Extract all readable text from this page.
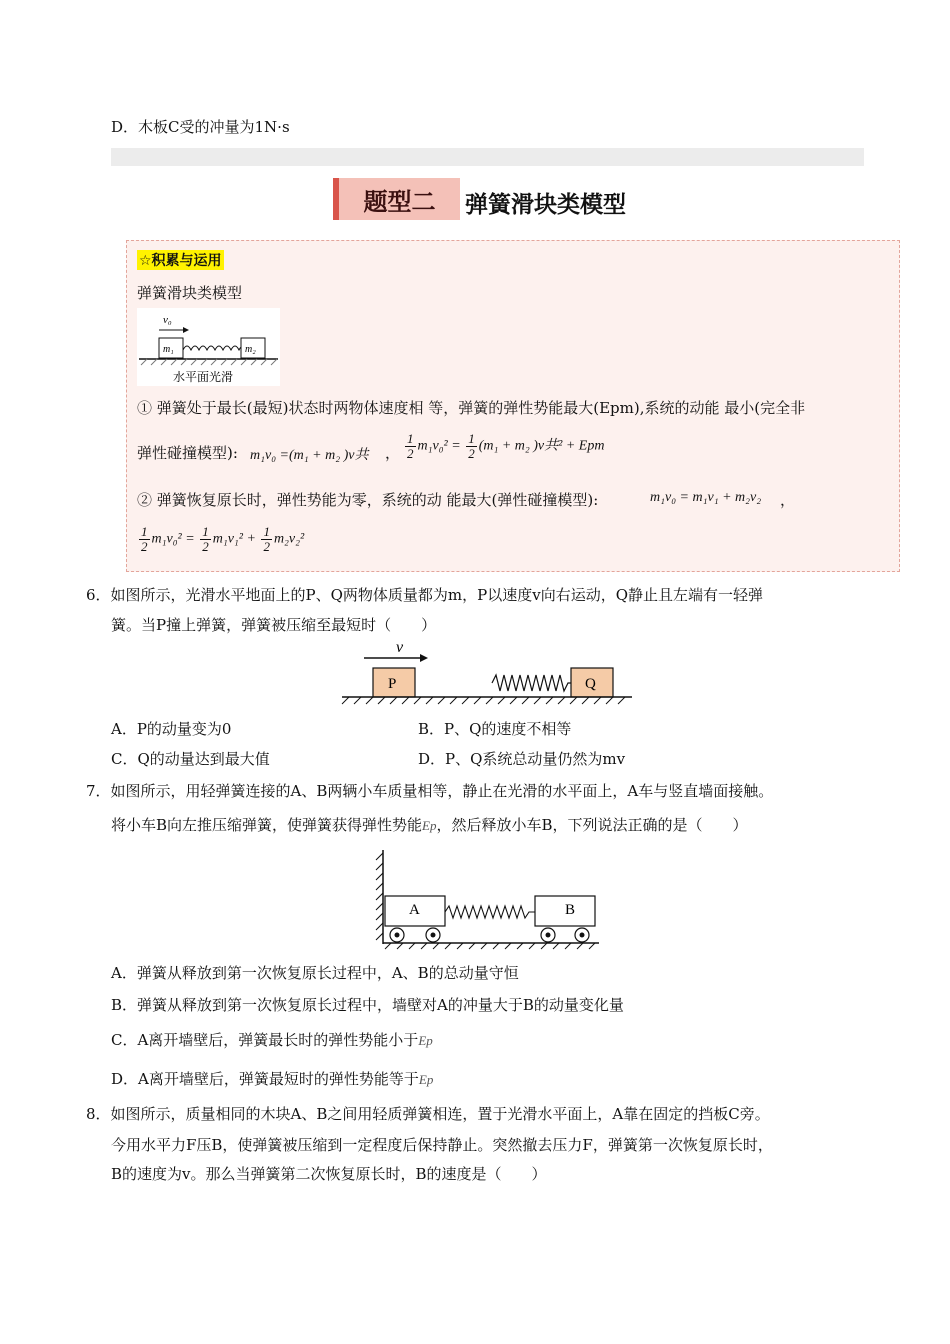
D．木板C受的冲量为1N·s
题型二	弹簧滑块类模型
☆积累与运用
弹簧滑块类模型
v₀
m₁	m₂
水平面光滑
① 弹簧处于最长(最短)状态时两物体速度相 等，弹簧的弹性势能最大(Epm),系统的动能 最小(完全非
弹性碰撞模型): m₁v₀ =(m₁ + m₂ )v共 ， $\frac{1}{2} m_1v_0^2 = \frac{1}{2} (m_1 + m_2$ )v共² + Epm
② 弹簧恢复原长时，弹性势能为零，系统的动 能最大(弹性碰撞模型):	m₁v₀ = m₁v₁ + m₂v₂ ，
$\frac{1}{2} m_1v_0^2 = \frac{1}{2} m_1v_1^2 + \frac{1}{2} m_2v_2^2$
6．如图所示，光滑水平地面上的P、Q两物体质量都为m，P以速度v向右运动，Q静止且左端有一轻弹
簧。当P撞上弹簧，弹簧被压缩至最短时（　　）
v
P	Q
A．P的动量变为0	B．P、Q的速度不相等
C．Q的动量达到最大值	D．P、Q系统总动量仍然为mv
7．如图所示，用轻弹簧连接的A、B两辆小车质量相等，静止在光滑的水平面上，A车与竖直墙面接触。
将小车B向左推压缩弹簧，使弹簧获得弹性势能Ep，然后释放小车B，下列说法正确的是（　　）
A	B
A．弹簧从释放到第一次恢复原长过程中，A、B的总动量守恒
B．弹簧从释放到第一次恢复原长过程中，墙壁对A的冲量大于B的动量变化量
C．A离开墙壁后，弹簧最长时的弹性势能小于Ep
D．A离开墙壁后，弹簧最短时的弹性势能等于Ep
8．如图所示，质量相同的木块A、B之间用轻质弹簧相连，置于光滑水平面上，A靠在固定的挡板C旁。
今用水平力F压B，使弹簧被压缩到一定程度后保持静止。突然撤去压力F，弹簧第一次恢复原长时，
B的速度为v。那么当弹簧第二次恢复原长时，B的速度是（　　）
